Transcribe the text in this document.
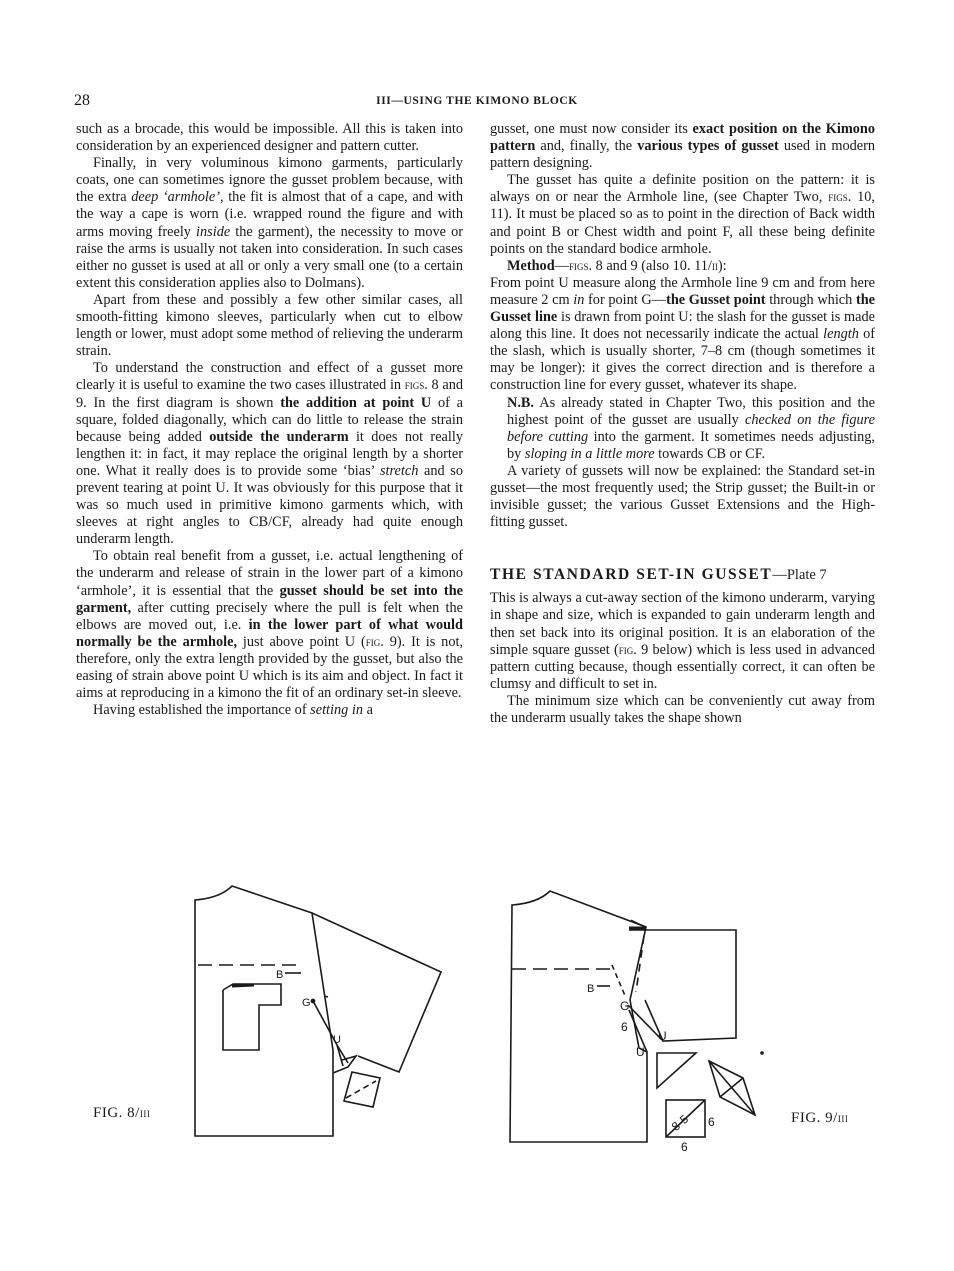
28	III—USING THE KIMONO BLOCK

such as a brocade, this would be impossible. All this is taken into consideration by an experienced designer and pattern cutter.

Finally, in very voluminous kimono garments, particularly coats, one can sometimes ignore the gusset problem because, with the extra deep ‘armhole’, the fit is almost that of a cape, and with the way a cape is worn (i.e. wrapped round the figure and with arms moving freely inside the garment), the necessity to move or raise the arms is usually not taken into consideration. In such cases either no gusset is used at all or only a very small one (to a certain extent this consideration applies also to Dolmans).

Apart from these and possibly a few other similar cases, all smooth-fitting kimono sleeves, particularly when cut to elbow length or lower, must adopt some method of relieving the underarm strain.

To understand the construction and effect of a gusset more clearly it is useful to examine the two cases illustrated in figs. 8 and 9. In the first diagram is shown the addition at point U of a square, folded diagonally, which can do little to release the strain because being added outside the underarm it does not really lengthen it: in fact, it may replace the original length by a shorter one. What it really does is to provide some ‘bias’ stretch and so prevent tearing at point U. It was obviously for this purpose that it was so much used in primitive kimono garments which, with sleeves at right angles to CB/CF, already had quite enough underarm length.

To obtain real benefit from a gusset, i.e. actual lengthening of the underarm and release of strain in the lower part of a kimono ‘armhole’, it is essential that the gusset should be set into the garment, after cutting precisely where the pull is felt when the elbows are moved out, i.e. in the lower part of what would normally be the armhole, just above point U (fig. 9). It is not, therefore, only the extra length provided by the gusset, but also the easing of strain above point U which is its aim and object. In fact it aims at reproducing in a kimono the fit of an ordinary set-in sleeve.

Having established the importance of setting in a

gusset, one must now consider its exact position on the Kimono pattern and, finally, the various types of gusset used in modern pattern designing.

The gusset has quite a definite position on the pattern: it is always on or near the Armhole line, (see Chapter Two, figs. 10, 11). It must be placed so as to point in the direction of Back width and point B or Chest width and point F, all these being definite points on the standard bodice armhole.

Method—figs. 8 and 9 (also 10. 11/ii):

From point U measure along the Armhole line 9 cm and from here measure 2 cm in for point G—the Gusset point through which the Gusset line is drawn from point U: the slash for the gusset is made along this line. It does not necessarily indicate the actual length of the slash, which is usually shorter, 7–8 cm (though sometimes it may be longer): it gives the correct direction and is therefore a construction line for every gusset, whatever its shape.

N.B. As already stated in Chapter Two, this position and the highest point of the gusset are usually checked on the figure before cutting into the garment. It sometimes needs adjusting, by sloping in a little more towards CB or CF.

A variety of gussets will now be explained: the Standard set-in gusset—the most frequently used; the Strip gusset; the Built-in or invisible gusset; the various Gusset Extensions and the High-fitting gusset.

THE STANDARD SET-IN GUSSET—Plate 7

This is always a cut-away section of the kimono underarm, varying in shape and size, which is expanded to gain underarm length and then set back into its original position. It is an elaboration of the simple square gusset (fig. 9 below) which is less used in advanced pattern cutting because, though essentially correct, it can often be clumsy and difficult to set in.

The minimum size which can be conveniently cut away from the underarm usually takes the shape shown

B
G
U
FIG. 8/iii
B
G
6
U
U
8·5 6
6
FIG. 9/iii
